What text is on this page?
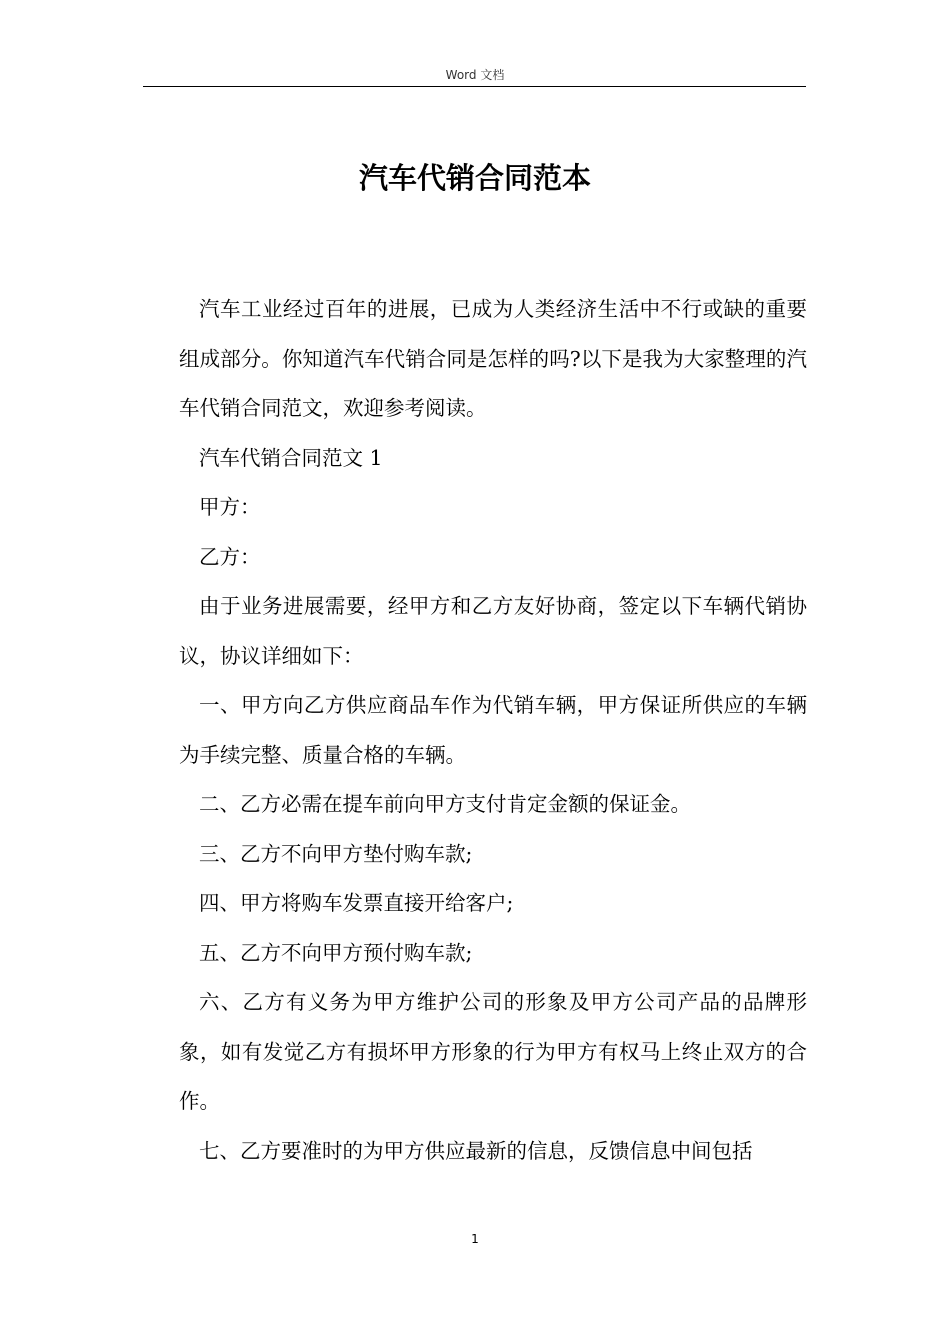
Word 文档
汽车代销合同范本

汽车工业经过百年的进展，已成为人类经济生活中不行或缺的重要组成部分。你知道汽车代销合同是怎样的吗?以下是我为大家整理的汽车代销合同范文，欢迎参考阅读。

汽车代销合同范文 1

甲方：

乙方：

由于业务进展需要，经甲方和乙方友好协商，签定以下车辆代销协议，协议详细如下：

一、甲方向乙方供应商品车作为代销车辆，甲方保证所供应的车辆为手续完整、质量合格的车辆。

二、乙方必需在提车前向甲方支付肯定金额的保证金。

三、乙方不向甲方垫付购车款;

四、甲方将购车发票直接开给客户;

五、乙方不向甲方预付购车款;

六、乙方有义务为甲方维护公司的形象及甲方公司产品的品牌形象，如有发觉乙方有损坏甲方形象的行为甲方有权马上终止双方的合作。

七、乙方要准时的为甲方供应最新的信息，反馈信息中间包括

1
